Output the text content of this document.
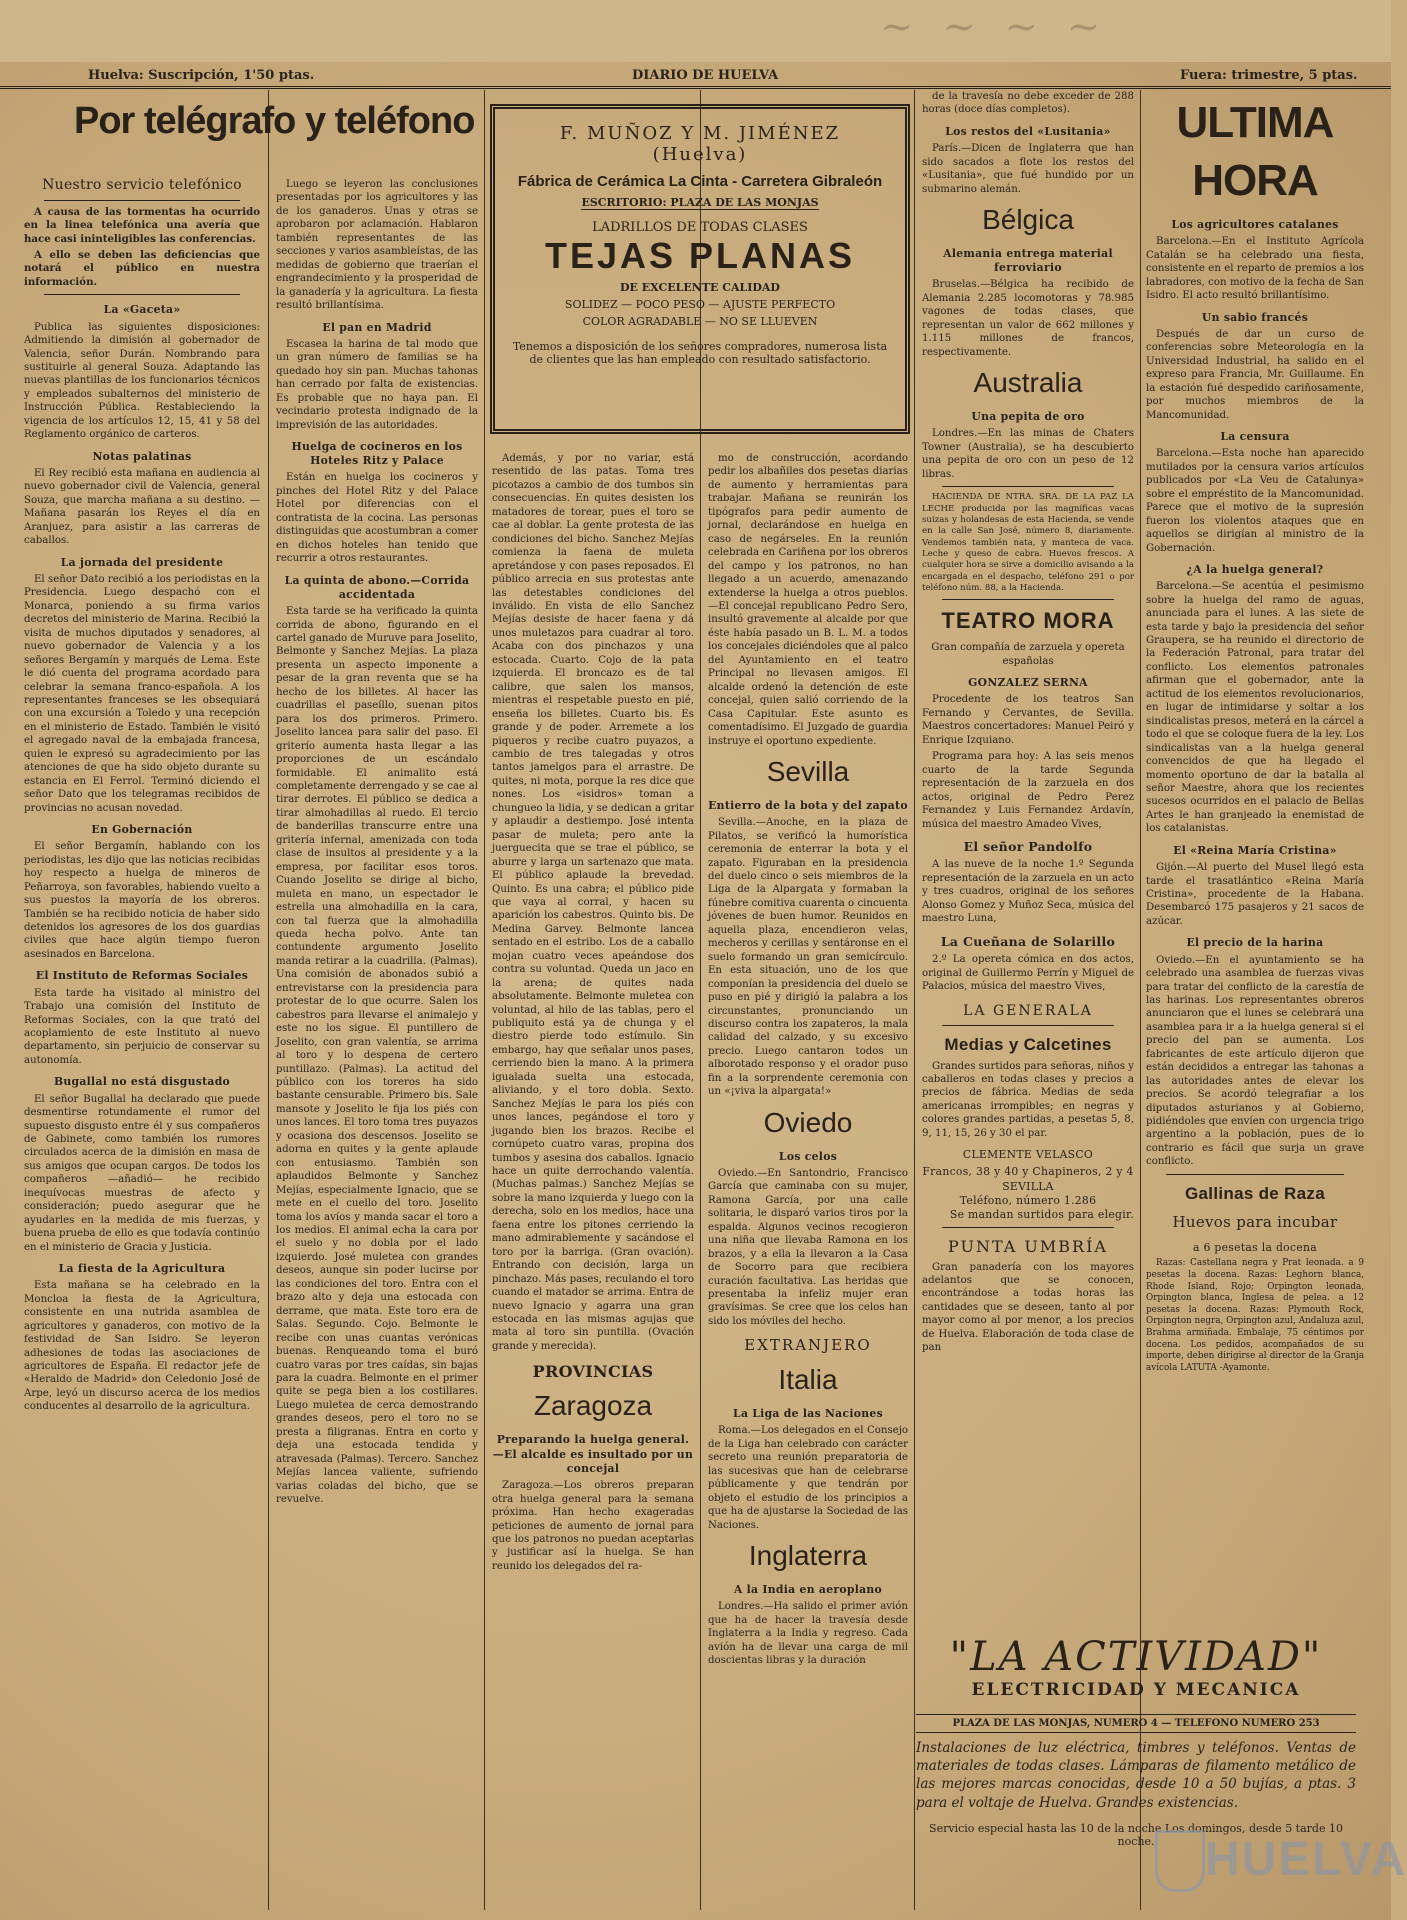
~ ~ ~ ~
Huelva: Suscripción, 1'50 ptas.	DIARIO DE HUELVA	Fuera: trimestre, 5 ptas.
Por telégrafo y teléfono
Nuestro servicio telefónico

A causa de las tormentas ha ocurrido en la linea telefónica una avería que hace casi ininteligibles las conferencias.

A ello se deben las deficiencias que notará el público en nuestra información.

La «Gaceta»

Publica las siguientes disposiciones: Admitiendo la dimisión al gobernador de Valencia, señor Durán. Nombrando para sustituirle al general Souza. Adaptando las nuevas plantillas de los funcionarios técnicos y empleados subalternos del ministerio de Instrucción Pública. Restableciendo la vigencia de los artículos 12, 15, 41 y 58 del Reglamento orgánico de carteros.

Notas palatinas

El Rey recibió esta mañana en audiencia al nuevo gobernador civil de Valencia, general Souza, que marcha mañana a su destino. —Mañana pasarán los Reyes el día en Aranjuez, para asistir a las carreras de caballos.

La jornada del presidente

El señor Dato recibió a los periodistas en la Presidencia. Luego despachó con el Monarca, poniendo a su firma varios decretos del ministerio de Marina. Recibió la visita de muchos diputados y senadores, al nuevo gobernador de Valencia y a los señores Bergamín y marqués de Lema. Este le dió cuenta del programa acordado para celebrar la semana franco-española. A los representantes franceses se les obsequiará con una excursión a Toledo y una recepción en el ministerio de Estado. También le visitó el agregado naval de la embajada francesa, quien le expresó su agradecimiento por las atenciones de que ha sido objeto durante su estancia en El Ferrol. Terminó diciendo el señor Dato que los telegramas recibidos de provincias no acusan novedad.

En Gobernación

El señor Bergamín, hablando con los periodistas, les dijo que las noticias recibidas hoy respecto a huelga de mineros de Peñarroya, son favorables, habiendo vuelto a sus puestos la mayoría de los obreros. También se ha recibido noticia de haber sido detenidos los agresores de los dos guardias civiles que hace algún tiempo fueron asesinados en Barcelona.

El Instituto de Reformas Sociales

Esta tarde ha visitado al ministro del Trabajo una comisión del Instituto de Reformas Sociales, con la que trató del acoplamiento de este Instituto al nuevo departamento, sin perjuicio de conservar su autonomía.

Bugallal no está disgustado

El señor Bugallal ha declarado que puede desmentirse rotundamente el rumor del supuesto disgusto entre él y sus compañeros de Gabinete, como también los rumores circulados acerca de la dimisión en masa de sus amigos que ocupan cargos. De todos los compañeros —añadió— he recibido inequívocas muestras de afecto y consideración; puedo asegurar que he ayudarles en la medida de mis fuerzas, y buena prueba de ello es que todavía continúo en el ministerio de Gracia y Justicia.

La fiesta de la Agricultura

Esta mañana se ha celebrado en la Moncloa la fiesta de la Agricultura, consistente en una nutrida asamblea de agricultores y ganaderos, con motivo de la festividad de San Isidro. Se leyeron adhesiones de todas las asociaciones de agricultores de España. El redactor jefe de «Heraldo de Madrid» don Celedonio José de Arpe, leyó un discurso acerca de los medios conducentes al desarrollo de la agricultura.

Luego se leyeron las conclusiones presentadas por los agricultores y las de los ganaderos. Unas y otras se aprobaron por aclamación. Hablaron también representantes de las secciones y varios asambleístas, de las medidas de gobierno que traerían el engrandecimiento y la prosperidad de la ganadería y la agricultura. La fiesta resultó brillantísima.

El pan en Madrid

Escasea la harina de tal modo que un gran número de familias se ha quedado hoy sin pan. Muchas tahonas han cerrado por falta de existencias. Es probable que no haya pan. El vecindario protesta indignado de la imprevisión de las autoridades.

Huelga de cocineros en los Hoteles Ritz y Palace

Están en huelga los cocineros y pinches del Hotel Ritz y del Palace Hotel por diferencias con el contratista de la cocina. Las personas distinguidas que acostumbran a comer en dichos hoteles han tenido que recurrir a otros restaurantes.

La quinta de abono.—Corrida accidentada

Esta tarde se ha verificado la quinta corrida de abono, figurando en el cartel ganado de Muruve para Joselito, Belmonte y Sanchez Mejías. La plaza presenta un aspecto imponente a pesar de la gran reventa que se ha hecho de los billetes. Al hacer las cuadrillas el paseíllo, suenan pitos para los dos primeros. Primero. Joselito lancea para salir del paso. El griterío aumenta hasta llegar a las proporciones de un escándalo formidable. El animalito está completamente derrengado y se cae al tirar derrotes. El público se dedica a tirar almohadillas al ruedo. El tercio de banderillas transcurre entre una gritería infernal, amenizada con toda clase de insultos al presidente y a la empresa, por facilitar esos toros. Cuando Joselito se dirige al bicho, muleta en mano, un espectador le estrella una almohadilla en la cara, con tal fuerza que la almohadilla queda hecha polvo. Ante tan contundente argumento Joselito manda retirar a la cuadrilla. (Palmas). Una comisión de abonados subió a entrevistarse con la presidencia para protestar de lo que ocurre. Salen los cabestros para llevarse el animalejo y este no los sigue. El puntillero de Joselito, con gran valentía, se arrima al toro y lo despena de certero puntillazo. (Palmas). La actitud del público con los toreros ha sido bastante censurable. Primero bis. Sale mansote y Joselito le fija los piés con unos lances. El toro toma tres puyazos y ocasiona dos descensos. Joselito se adorna en quites y la gente aplaude con entusiasmo. También son aplaudidos Belmonte y Sanchez Mejías, especialmente Ignacio, que se mete en el cuello del toro. Joselito toma los avíos y manda sacar el toro a los medios. El animal echa la cara por el suelo y no dobla por el lado izquierdo. José muletea con grandes deseos, aunque sin poder lucirse por las condiciones del toro. Entra con el brazo alto y deja una estocada con derrame, que mata. Este toro era de Salas. Segundo. Cojo. Belmonte le recibe con unas cuantas verónicas buenas. Renqueando toma el buró cuatro varas por tres caídas, sin bajas para la cuadra. Belmonte en el primer quite se pega bien a los costillares. Luego muletea de cerca demostrando grandes deseos, pero el toro no se presta a filigranas. Entra en corto y deja una estocada tendida y atravesada (Palmas). Tercero. Sanchez Mejías lancea valiente, sufriendo varias coladas del bicho, que se revuelve.

F. MUÑOZ Y M. JIMÉNEZ (Huelva)
Fábrica de Cerámica La Cinta - Carretera Gibraleón
ESCRITORIO: PLAZA DE LAS MONJAS
LADRILLOS DE TODAS CLASES
TEJAS PLANAS
DE EXCELENTE CALIDAD
SOLIDEZ — POCO PESO — AJUSTE PERFECTO
COLOR AGRADABLE — NO SE LLUEVEN
Tenemos a disposición de los señores compradores, numerosa lista de clientes que las han empleado con resultado satisfactorio.

Además, y por no variar, está resentido de las patas. Toma tres picotazos a cambio de dos tumbos sin consecuencias. En quites desisten los matadores de torear, pues el toro se cae al doblar. La gente protesta de las condiciones del bicho. Sanchez Mejías comienza la faena de muleta apretándose y con pases reposados. El público arrecia en sus protestas ante las detestables condiciones del inválido. En vista de ello Sanchez Mejías desiste de hacer faena y dá unos muletazos para cuadrar al toro. Acaba con dos pinchazos y una estocada. Cuarto. Cojo de la pata izquierda. El broncazo es de tal calibre, que salen los mansos, mientras el respetable puesto en pié, enseña los billetes. Cuarto bis. Es grande y de poder. Arremete a los piqueros y recibe cuatro puyazos, a cambio de tres talegadas y otros tantos jamelgos para el arrastre. De quites, ni mota, porque la res dice que nones. Los «isidros» toman a chungueo la lidia, y se dedican a gritar y aplaudir a destiempo. José intenta pasar de muleta; pero ante la juerguecita que se trae el público, se aburre y larga un sartenazo que mata. El público aplaude la brevedad. Quinto. Es una cabra; el público pide que vaya al corral, y hacen su aparición los cabestros. Quinto bis. De Medina Garvey. Belmonte lancea sentado en el estribo. Los de a caballo mojan cuatro veces apeándose dos contra su voluntad. Queda un jaco en la arena; de quites nada absolutamente. Belmonte muletea con voluntad, al hilo de las tablas, pero el publiquito está ya de chunga y el diestro pierde todo estímulo. Sin embargo, hay que señalar unos pases, cerriendo bien la mano. A la primera igualada suelta una estocada, aliviando, y el toro dobla. Sexto. Sanchez Mejías le para los piés con unos lances, pegándose el toro y jugando bien los brazos. Recibe el cornúpeto cuatro varas, propina dos tumbos y asesina dos caballos. Ignacio hace un quite derrochando valentía. (Muchas palmas.) Sanchez Mejías se sobre la mano izquierda y luego con la derecha, solo en los medios, hace una faena entre los pitones cerriendo la mano admirablemente y sacándose el toro por la barriga. (Gran ovación). Entrando con decisión, larga un pinchazo. Más pases, reculando el toro cuando el matador se arrima. Entra de nuevo Ignacio y agarra una gran estocada en las mismas agujas que mata al toro sin puntilla. (Ovación grande y merecida).

PROVINCIAS
Zaragoza
Preparando la huelga general. —El alcalde es insultado por un concejal

Zaragoza.—Los obreros preparan otra huelga general para la semana próxima. Han hecho exageradas peticiones de aumento de jornal para que los patronos no puedan aceptarlas y justificar así la huelga. Se han reunido los delegados del ra-

mo de construcción, acordando pedir los albañiles dos pesetas diarias de aumento y herramientas para trabajar. Mañana se reunirán los tipógrafos para pedir aumento de jornal, declarándose en huelga en caso de negárseles. En la reunión celebrada en Cariñena por los obreros del campo y los patronos, no han llegado a un acuerdo, amenazando extenderse la huelga a otros pueblos. —El concejal republicano Pedro Sero, insultó gravemente al alcalde por que éste había pasado un B. L. M. a todos los concejales diciéndoles que al palco del Ayuntamiento en el teatro Principal no llevasen amigos. El alcalde ordenó la detención de este concejal, quien salió corriendo de la Casa Capitular. Este asunto es comentadísimo. El Juzgado de guardia instruye el oportuno expediente.

Sevilla
Entierro de la bota y del zapato

Sevilla.—Anoche, en la plaza de Pilatos, se verificó la humorística ceremonia de enterrar la bota y el zapato. Figuraban en la presidencia del duelo cinco o seis miembros de la Liga de la Alpargata y formaban la fúnebre comitiva cuarenta o cincuenta jóvenes de buen humor. Reunidos en aquella plaza, encendieron velas, mecheros y cerillas y sentáronse en el suelo formando un gran semicírculo. En esta situación, uno de los que componían la presidencia del duelo se puso en pié y dirigió la palabra a los circunstantes, pronunciando un discurso contra los zapateros, la mala calidad del calzado, y su excesivo precio. Luego cantaron todos un alborotado responso y el orador puso fin a la sorprendente ceremonia con un «¡viva la alpargata!»

Oviedo
Los celos

Oviedo.—En Santondrio, Francisco García que caminaba con su mujer, Ramona García, por una calle solitaria, le disparó varios tiros por la espalda. Algunos vecinos recogieron una niña que llevaba Ramona en los brazos, y a ella la llevaron a la Casa de Socorro para que recibiera curación facultativa. Las heridas que presentaba la infeliz mujer eran gravísimas. Se cree que los celos han sido los móviles del hecho.

EXTRANJERO
Italia
La Liga de las Naciones

Roma.—Los delegados en el Consejo de la Liga han celebrado con carácter secreto una reunión preparatoria de las sucesivas que han de celebrarse públicamente y que tendrán por objeto el estudio de los principios a que ha de ajustarse la Sociedad de las Naciones.

Inglaterra
A la India en aeroplano

Londres.—Ha salido el primer avión que ha de hacer la travesía desde Inglaterra a la India y regreso. Cada avión ha de llevar una carga de mil doscientas libras y la duración

de la travesía no debe exceder de 288 horas (doce días completos).

Los restos del «Lusitania»

París.—Dicen de Inglaterra que han sido sacados a flote los restos del «Lusitania», que fué hundido por un submarino alemán.

Bélgica
Alemania entrega material ferroviario

Bruselas.—Bélgica ha recibido de Alemania 2.285 locomotoras y 78.985 vagones de todas clases, que representan un valor de 662 millones y 1.115 millones de francos, respectivamente.

Australia
Una pepita de oro

Londres.—En las minas de Chaters Towner (Australia), se ha descubierto una pepita de oro con un peso de 12 libras.

HACIENDA DE NTRA. SRA. DE LA PAZ LA LECHE producida por las magníficas vacas suizas y holandesas de esta Hacienda, se vende en la calle San José, número 8, diariamente. Vendemos también nata, y manteca de vaca. Leche y queso de cabra. Huevos frescos. A cualquier hora se sirve a domicilio avisando a la encargada en el despacho, teléfono 291 o por teléfono núm. 88, a la Hacienda.

TEATRO MORA

Gran compañía de zarzuela y opereta españolas

GONZALEZ SERNA

Procedente de los teatros San Fernando y Cervantes, de Sevilla. Maestros concertadores: Manuel Peiró y Enrique Izquiano.

Programa para hoy: A las seis menos cuarto de la tarde Segunda representación de la zarzuela en dos actos, original de Pedro Perez Fernandez y Luis Fernandez Ardavín, música del maestro Amadeo Vives,

El señor Pandolfo

A las nueve de la noche 1.º Segunda representación de la zarzuela en un acto y tres cuadros, original de los señores Alonso Gomez y Muñoz Seca, música del maestro Luna,

La Cueñana de Solarillo

2.º La opereta cómica en dos actos, original de Guillermo Perrín y Miguel de Palacios, música del maestro Vives,

LA GENERALA
Medias y Calcetines

Grandes surtidos para señoras, niños y caballeros en todas clases y precios a precios de fábrica. Medias de seda americanas irrompibles; en negras y colores grandes partidas, a pesetas 5, 8, 9, 11, 15, 26 y 30 el par.

CLEMENTE VELASCO
Francos, 38 y 40 y Chapineros, 2 y 4
SEVILLA
Teléfono, número 1.286
Se mandan surtidos para elegir.
PUNTA UMBRÍA

Gran panadería con los mayores adelantos que se conocen, encontrándose a todas horas las cantidades que se deseen, tanto al por mayor como al por menor, a los precios de Huelva. Elaboración de toda clase de pan

ULTIMA HORA
Los agricultores catalanes

Barcelona.—En el Instituto Agrícola Catalán se ha celebrado una fiesta, consistente en el reparto de premios a los labradores, con motivo de la fecha de San Isidro. El acto resultó brillantísimo.

Un sabio francés

Después de dar un curso de conferencias sobre Meteorología en la Universidad Industrial, ha salido en el expreso para Francia, Mr. Guillaume. En la estación fué despedido cariñosamente, por muchos miembros de la Mancomunidad.

La censura

Barcelona.—Esta noche han aparecido mutilados por la censura varios artículos publicados por «La Veu de Catalunya» sobre el empréstito de la Mancomunidad. Parece que el motivo de la supresión fueron los violentos ataques que en aquellos se dirigían al ministro de la Gobernación.

¿A la huelga general?

Barcelona.—Se acentúa el pesimismo sobre la huelga del ramo de aguas, anunciada para el lunes. A las siete de esta tarde y bajo la presidencia del señor Graupera, se ha reunido el directorio de la Federación Patronal, para tratar del conflicto. Los elementos patronales afirman que el gobernador, ante la actitud de los elementos revolucionarios, en lugar de intimidarse y soltar a los sindicalistas presos, meterá en la cárcel a todo el que se coloque fuera de la ley. Los sindicalistas van a la huelga general convencidos de que ha llegado el momento oportuno de dar la batalla al señor Maestre, ahora que los recientes sucesos ocurridos en el palacio de Bellas Artes le han granjeado la enemistad de los catalanistas.

El «Reina María Cristina»

Gijón.—Al puerto del Musel llegó esta tarde el trasatlántico «Reina María Cristina», procedente de la Habana. Desembarcó 175 pasajeros y 21 sacos de azúcar.

El precio de la harina

Oviedo.—En el ayuntamiento se ha celebrado una asamblea de fuerzas vivas para tratar del conflicto de la carestía de las harinas. Los representantes obreros anunciaron que el lunes se celebrará una asamblea para ir a la huelga general si el precio del pan se aumenta. Los fabricantes de este artículo dijeron que están decididos a entregar las tahonas a las autoridades antes de elevar los precios. Se acordó telegrafiar a los diputados asturianos y al Gobierno, pidiéndoles que envíen con urgencia trigo argentino a la población, pues de lo contrario es fácil que surja un grave conflicto.

Gallinas de Raza
Huevos para incubar
a 6 pesetas la docena

Razas: Castellana negra y Prat leonada. a 9 pesetas la docena. Razas: Leghorn blanca, Rhode Island, Rojo; Orpington leonada, Orpington blanca, Inglesa de pelea. a 12 pesetas la docena. Razas: Plymouth Rock, Orpington negra, Orpington azul, Andaluza azul, Brahma armiñada. Embalaje, 75 céntimos por docena. Los pedidos, acompañados de su importe, deben dirigirse al director de la Granja avícola LATUTA -Ayamonte.

"LA ACTIVIDAD"
ELECTRICIDAD Y MECANICA
PLAZA DE LAS MONJAS, NUMERO 4 — TELEFONO NUMERO 253
Instalaciones de luz eléctrica, timbres y teléfonos. Ventas de materiales de todas clases. Lámparas de filamento metálico de las mejores marcas conocidas, desde 10 a 50 bujías, a ptas. 3 para el voltaje de Huelva. Grandes existencias.
Servicio especial hasta las 10 de la noche Los domingos, desde 5 tarde 10 noche.	HUELVA
